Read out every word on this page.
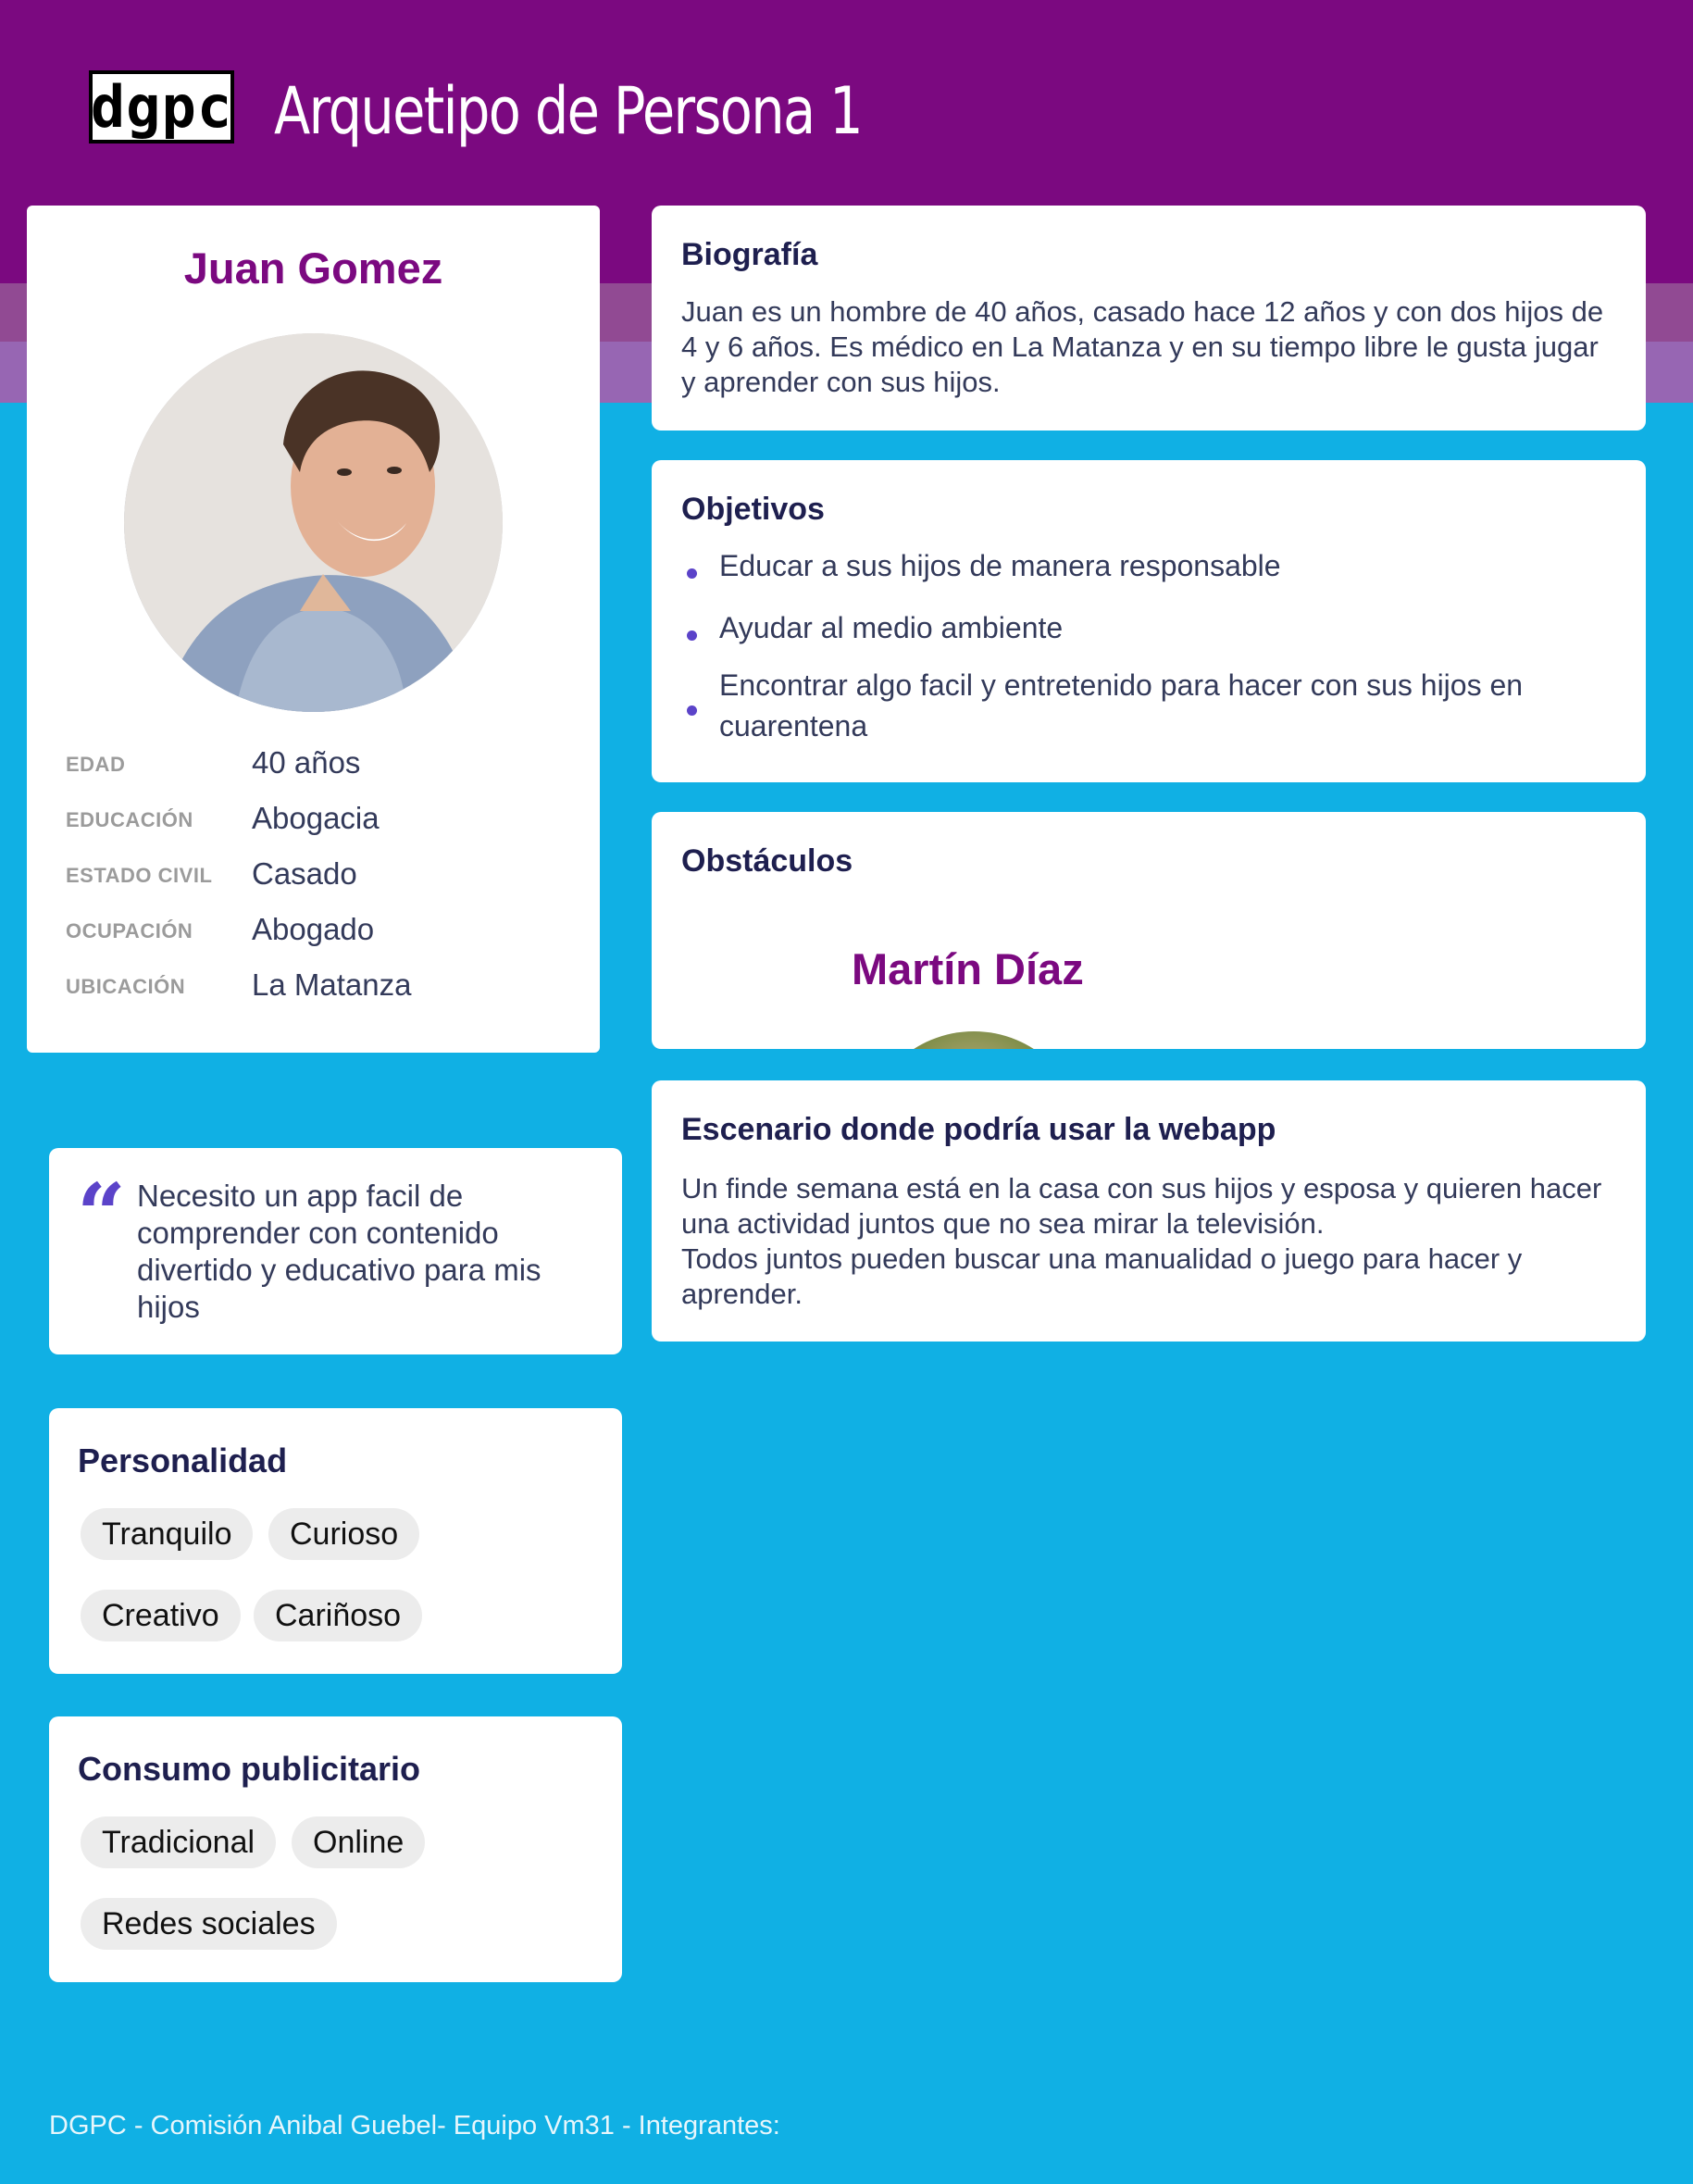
dgpc Arquetipo de Persona 1
Juan Gomez
EDAD	40 años
EDUCACIÓN Abogacia
ESTADO CIVIL Casado
OCUPACIÓN Abogado
UBICACIÓN La Matanza
“ Necesito un app facil de comprender con contenido divertido y educativo para mis hijos
Personalidad
Tranquilo	Curioso
Creativo	Cariñoso
Consumo publicitario
Tradicional	Online
Redes sociales
Biografía
Juan es un hombre de 40 años, casado hace 12 años y con dos hijos de 4 y 6 años. Es médico en La Matanza y en su tiempo libre le gusta jugar y aprender con sus hijos.
Objetivos
Educar a sus hijos de manera responsable
Ayudar al medio ambiente
Encontrar algo facil y entretenido para hacer con sus hijos en cuarentena
Obstáculos
Martín Díaz
Escenario donde podría usar la webapp
Un finde semana está en la casa con sus hijos y esposa y quieren hacer una actividad juntos que no sea mirar la televisión.
Todos juntos pueden buscar una manualidad o juego para hacer y aprender.
DGPC - Comisión Anibal Guebel- Equipo Vm31 - Integrantes:
